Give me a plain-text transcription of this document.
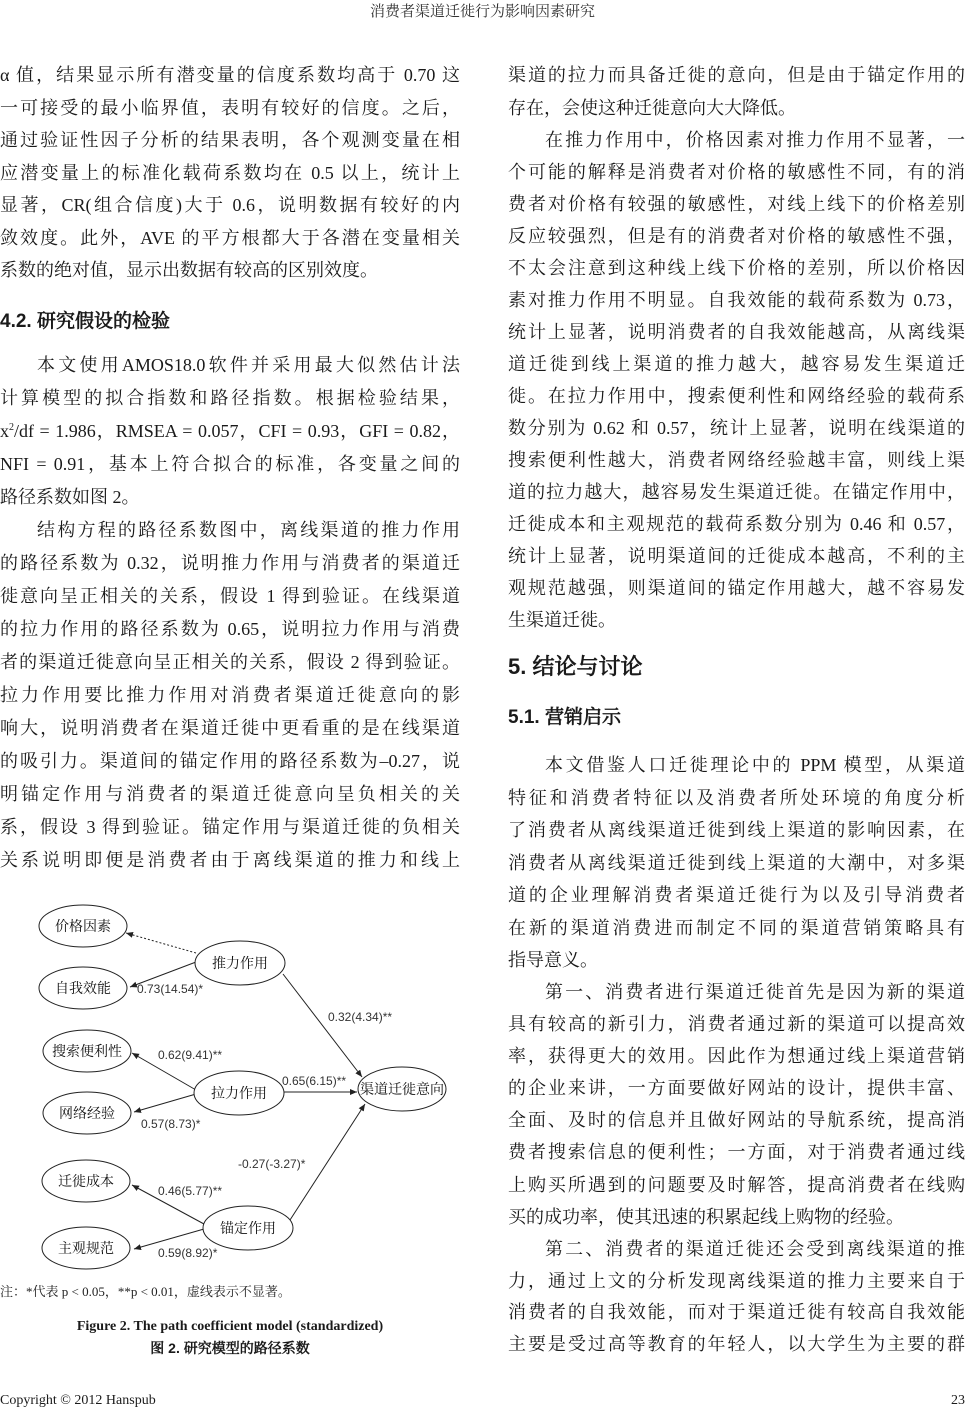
消费者渠道迁徙行为影响因素研究
α 值，结果显示所有潜变量的信度系数均高于 0.70 这
一可接受的最小临界值，表明有较好的信度。之后，
通过验证性因子分析的结果表明，各个观测变量在相
应潜变量上的标准化载荷系数均在 0.5 以上，统计上
显著，CR(组合信度)大于 0.6，说明数据有较好的内
敛效度。此外，AVE 的平方根都大于各潜在变量相关
系数的绝对值，显示出数据有较高的区别效度。
本文使用AMOS18.0软件并采用最大似然估计法
计算模型的拟合指数和路径指数。根据检验结果，
$x^2/df = 1.986$，RMSEA = 0.057，CFI = 0.93，GFI = 0.82，
NFI = 0.91，基本上符合拟合的标准，各变量之间的
路径系数如图 2。
结构方程的路径系数图中，离线渠道的推力作用
的路径系数为 0.32，说明推力作用与消费者的渠道迁
徙意向呈正相关的关系，假设 1 得到验证。在线渠道
的拉力作用的路径系数为 0.65，说明拉力作用与消费
者的渠道迁徙意向呈正相关的关系，假设 2 得到验证。
拉力作用要比推力作用对消费者渠道迁徙意向的影
响大，说明消费者在渠道迁徙中更看重的是在线渠道
的吸引力。渠道间的锚定作用的路径系数为–0.27，说
明锚定作用与消费者的渠道迁徙意向呈负相关的关
系，假设 3 得到验证。锚定作用与渠道迁徙的负相关
关系说明即便是消费者由于离线渠道的推力和线上
渠道的拉力而具备迁徙的意向，但是由于锚定作用的
存在，会使这种迁徙意向大大降低。
在推力作用中，价格因素对推力作用不显著，一
个可能的解释是消费者对价格的敏感性不同，有的消
费者对价格有较强的敏感性，对线上线下的价格差别
反应较强烈，但是有的消费者对价格的敏感性不强，
不太会注意到这种线上线下价格的差别，所以价格因
素对推力作用不明显。自我效能的载荷系数为 0.73，
统计上显著，说明消费者的自我效能越高，从离线渠
道迁徙到线上渠道的推力越大，越容易发生渠道迁
徙。在拉力作用中，搜索便利性和网络经验的载荷系
数分别为 0.62 和 0.57，统计上显著，说明在线渠道的
搜索便利性越大，消费者网络经验越丰富，则线上渠
道的拉力越大，越容易发生渠道迁徙。在锚定作用中，
迁徙成本和主观规范的载荷系数分别为 0.46 和 0.57，
统计上显著，说明渠道间的迁徙成本越高，不利的主
观规范越强，则渠道间的锚定作用越大，越不容易发
生渠道迁徙。
本文借鉴人口迁徙理论中的 PPM 模型，从渠道
特征和消费者特征以及消费者所处环境的角度分析
了消费者从离线渠道迁徙到线上渠道的影响因素，在
消费者从离线渠道迁徙到线上渠道的大潮中，对多渠
道的企业理解消费者渠道迁徙行为以及引导消费者
在新的渠道消费进而制定不同的渠道营销策略具有
指导意义。
第一、消费者进行渠道迁徙首先是因为新的渠道
具有较高的新引力，消费者通过新的渠道可以提高效
率，获得更大的效用。因此作为想通过线上渠道营销
的企业来讲，一方面要做好网站的设计，提供丰富、
全面、及时的信息并且做好网站的导航系统，提高消
费者搜索信息的便利性；一方面，对于消费者通过线
上购买所遇到的问题要及时解答，提高消费者在线购
买的成功率，使其迅速的积累起线上购物的经验。
第二、消费者的渠道迁徙还会受到离线渠道的推
力，通过上文的分析发现离线渠道的推力主要来自于
消费者的自我效能，而对于渠道迁徙有较高自我效能
主要是受过高等教育的年轻人，以大学生为主要的群
4.2. 研究假设的检验
5. 结论与讨论
5.1. 营销启示
价格因素
自我效能
推力作用
搜索便利性
网络经验
拉力作用	渠道迁徙意向
迁徙成本
主观规范
锚定作用
0.73(14.54)*
0.32(4.34)**
0.62(9.41)**
0.65(6.15)**
0.57(8.73)*
-0.27(-3.27)*
0.46(5.77)**
0.59(8.92)*
注：*代表 p < 0.05，**p < 0.01，虚线表示不显著。
Figure 2. The path coefficient model (standardized)
图 2. 研究模型的路径系数
Copyright © 2012 Hanspub	23
